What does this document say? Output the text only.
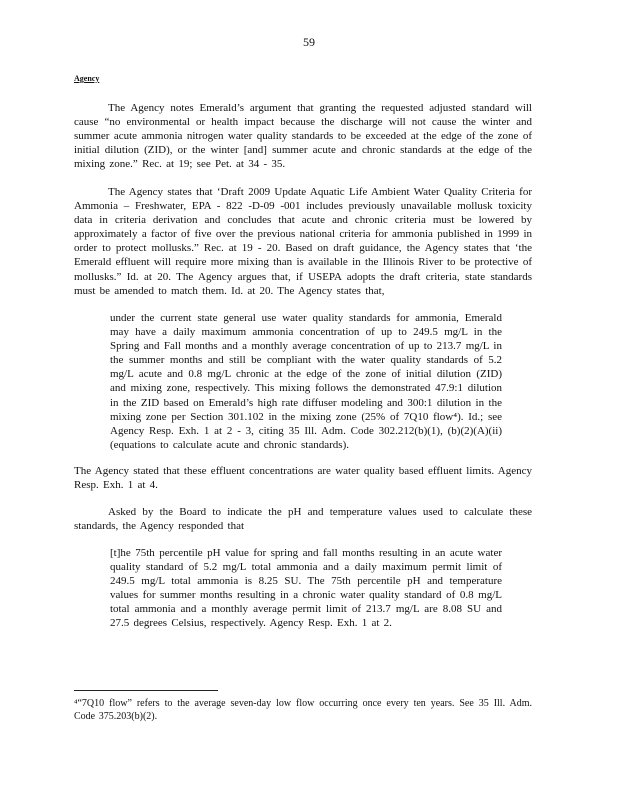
59
Agency
The Agency notes Emerald’s argument that granting the requested adjusted standard will cause “no environmental or health impact because the discharge will not cause the winter and summer acute ammonia nitrogen water quality standards to be exceeded at the edge of the zone of initial dilution (ZID), or the winter [and] summer acute and chronic standards at the edge of the mixing zone.” Rec. at 19; see Pet. at 34 - 35.
The Agency states that ‘Draft 2009 Update Aquatic Life Ambient Water Quality Criteria for Ammonia – Freshwater, EPA - 822 -D-09 -001 includes previously unavailable mollusk toxicity data in criteria derivation and concludes that acute and chronic criteria must be lowered by approximately a factor of five over the previous national criteria for ammonia published in 1999 in order to protect mollusks.” Rec. at 19 - 20. Based on draft guidance, the Agency states that ‘the Emerald effluent will require more mixing than is available in the Illinois River to be protective of mollusks.” Id. at 20. The Agency argues that, if USEPA adopts the draft criteria, state standards must be amended to match them. Id. at 20. The Agency states that,
under the current state general use water quality standards for ammonia, Emerald may have a daily maximum ammonia concentration of up to 249.5 mg/L in the Spring and Fall months and a monthly average concentration of up to 213.7 mg/L in the summer months and still be compliant with the water quality standards of 5.2 mg/L acute and 0.8 mg/L chronic at the edge of the zone of initial dilution (ZID) and mixing zone, respectively. This mixing follows the demonstrated 47.9:1 dilution in the ZID based on Emerald’s high rate diffuser modeling and 300:1 dilution in the mixing zone per Section 301.102 in the mixing zone (25% of 7Q10 flow⁴). Id.; see Agency Resp. Exh. 1 at 2 - 3, citing 35 Ill. Adm. Code 302.212(b)(1), (b)(2)(A)(ii) (equations to calculate acute and chronic standards).
The Agency stated that these effluent concentrations are water quality based effluent limits. Agency Resp. Exh. 1 at 4.
Asked by the Board to indicate the pH and temperature values used to calculate these standards, the Agency responded that
[t]he 75th percentile pH value for spring and fall months resulting in an acute water quality standard of 5.2 mg/L total ammonia and a daily maximum permit limit of 249.5 mg/L total ammonia is 8.25 SU. The 75th percentile pH and temperature values for summer months resulting in a chronic water quality standard of 0.8 mg/L total ammonia and a monthly average permit limit of 213.7 mg/L are 8.08 SU and 27.5 degrees Celsius, respectively. Agency Resp. Exh. 1 at 2.
⁴“7Q10 flow” refers to the average seven-day low flow occurring once every ten years. See 35 Ill. Adm. Code 375.203(b)(2).
